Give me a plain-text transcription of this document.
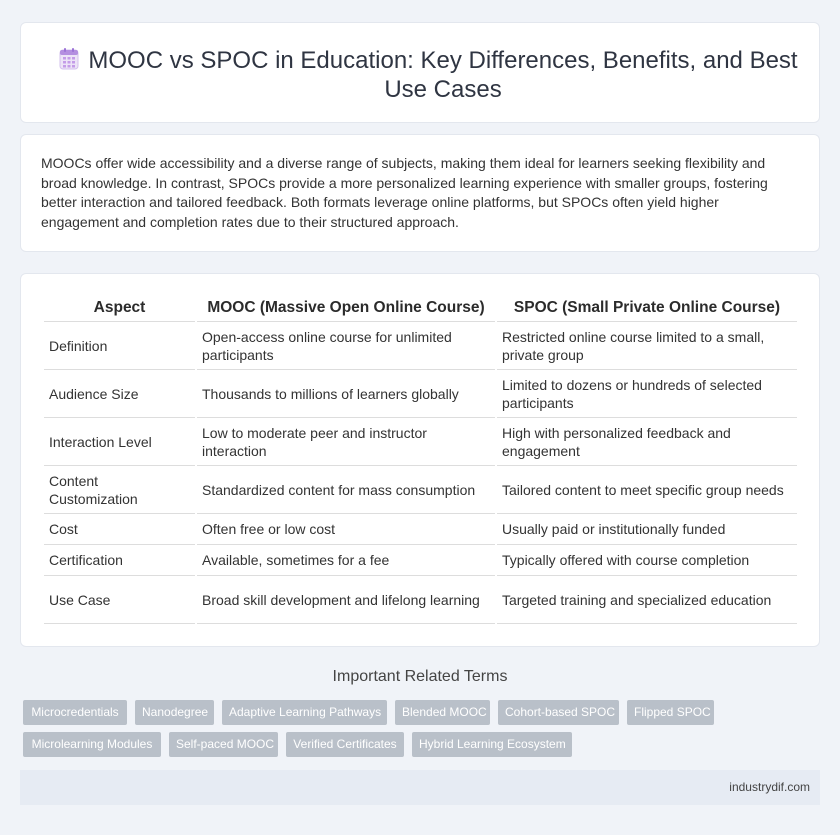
MOOC vs SPOC in Education: Key Differences, Benefits, and Best Use Cases
MOOCs offer wide accessibility and a diverse range of subjects, making them ideal for learners seeking flexibility and broad knowledge. In contrast, SPOCs provide a more personalized learning experience with smaller groups, fostering better interaction and tailored feedback. Both formats leverage online platforms, but SPOCs often yield higher engagement and completion rates due to their structured approach.
Aspect	MOOC (Massive Open Online Course)	SPOC (Small Private Online Course)
Definition	Open-access online course for unlimited participants	Restricted online course limited to a small, private group
Audience Size	Thousands to millions of learners globally	Limited to dozens or hundreds of selected participants
Interaction Level	Low to moderate peer and instructor interaction	High with personalized feedback and engagement
Content Customization	Standardized content for mass consumption	Tailored content to meet specific group needs
Cost	Often free or low cost	Usually paid or institutionally funded
Certification	Available, sometimes for a fee	Typically offered with course completion
Use Case	Broad skill development and lifelong learning	Targeted training and specialized education
Important Related Terms
Microcredentials	Nanodegree	Adaptive Learning Pathways	Blended MOOC	Cohort-based SPOC	Flipped SPOC
Microlearning Modules	Self-paced MOOC	Verified Certificates	Hybrid Learning Ecosystem
industrydif.com
